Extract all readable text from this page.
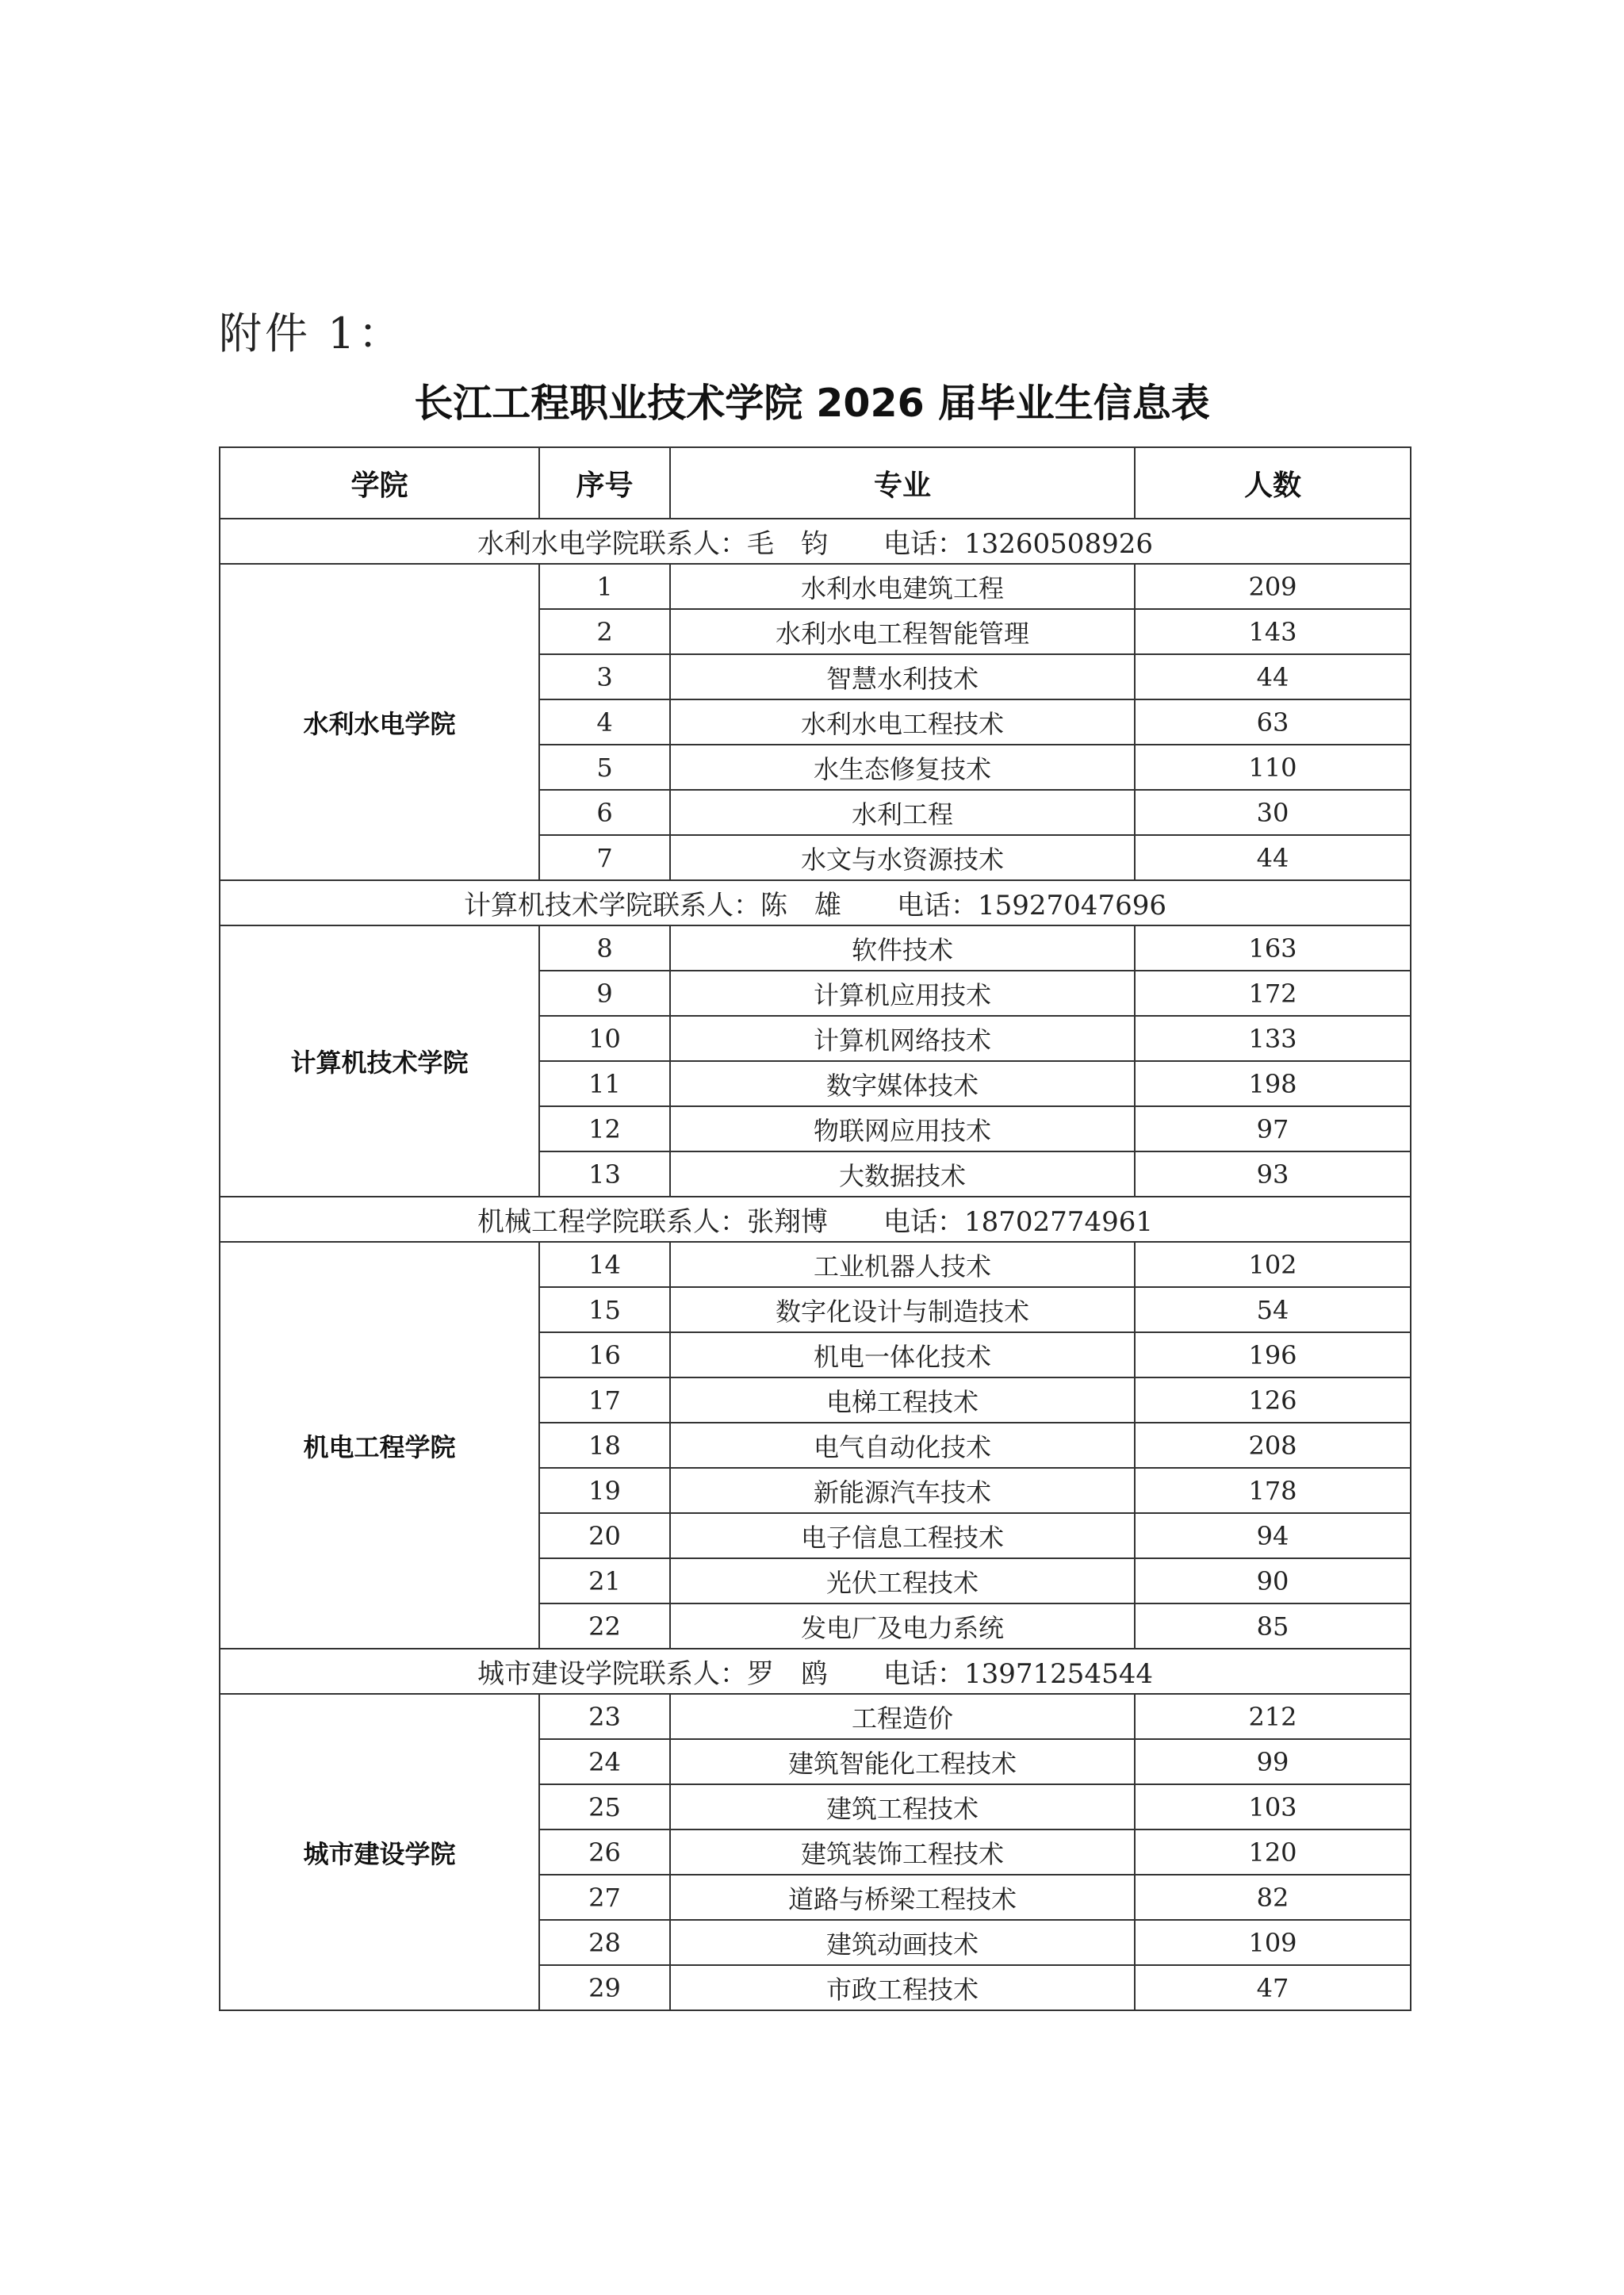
附件 1：
长江工程职业技术学院 2026 届毕业生信息表
学院	序号	专业	人数
水利水电学院联系人：毛　钧 电话：13260508926			
水利水电学院	1	水利水电建筑工程	209
	2	水利水电工程智能管理	143
	3	智慧水利技术	44
	4	水利水电工程技术	63
	5	水生态修复技术	110
	6	水利工程	30
	7	水文与水资源技术	44
计算机技术学院联系人：陈　雄 电话：15927047696			
计算机技术学院	8	软件技术	163
	9	计算机应用技术	172
	10	计算机网络技术	133
	11	数字媒体技术	198
	12	物联网应用技术	97
	13	大数据技术	93
机械工程学院联系人：张翔博 电话：18702774961			
机电工程学院	14	工业机器人技术	102
	15	数字化设计与制造技术	54
	16	机电一体化技术	196
	17	电梯工程技术	126
	18	电气自动化技术	208
	19	新能源汽车技术	178
	20	电子信息工程技术	94
	21	光伏工程技术	90
	22	发电厂及电力系统	85
城市建设学院联系人：罗　鸥 电话：13971254544			
城市建设学院	23	工程造价	212
	24	建筑智能化工程技术	99
	25	建筑工程技术	103
	26	建筑装饰工程技术	120
	27	道路与桥梁工程技术	82
	28	建筑动画技术	109
	29	市政工程技术	47
